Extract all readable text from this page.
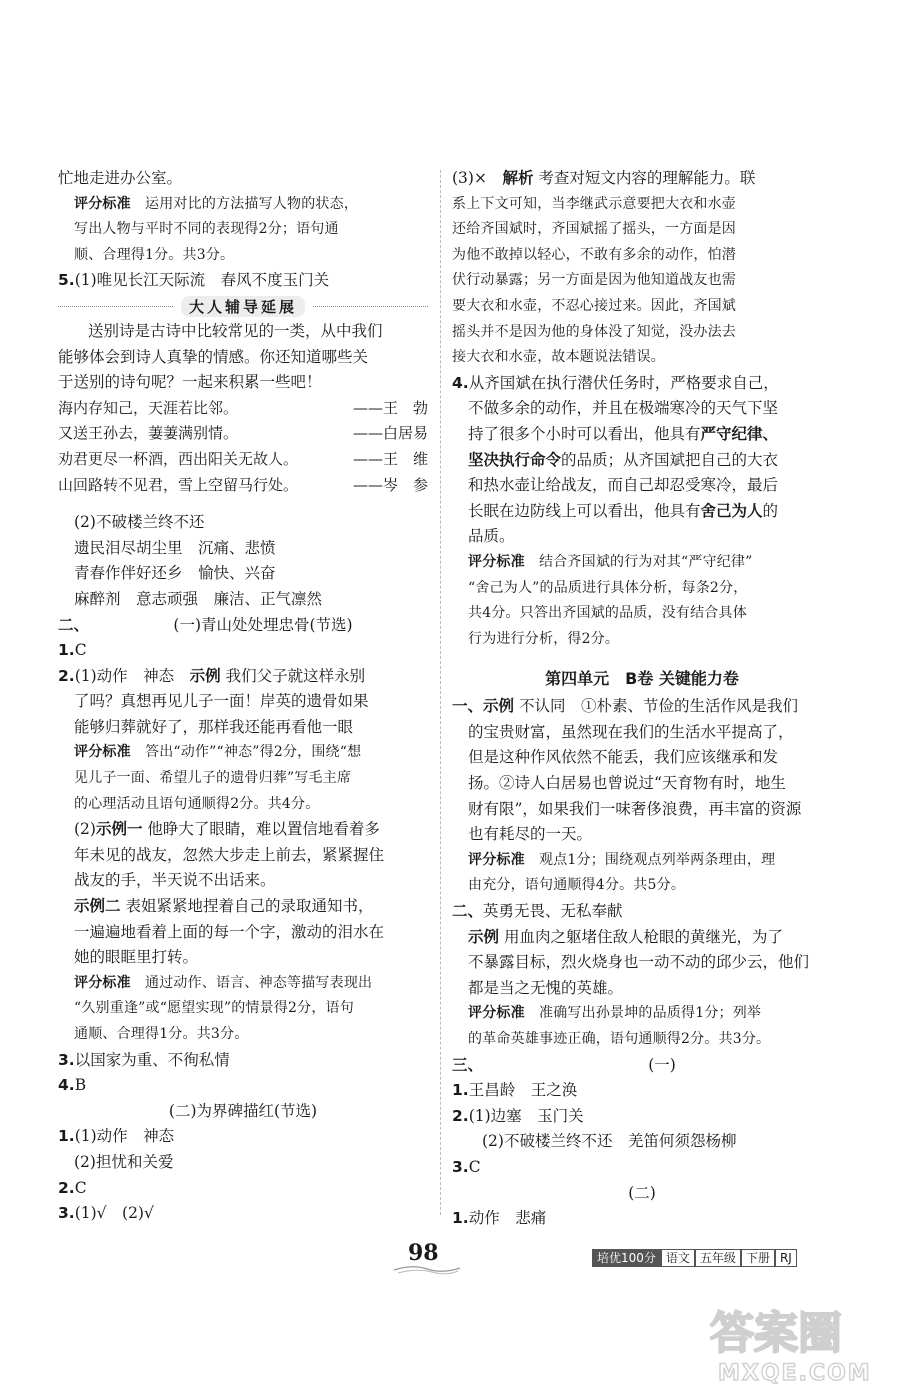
忙地走进办公室。
评分标准　 运用对比的方法描写人物的状态，
写出人物与平时不同的表现得2分；语句通
顺、合理得1分。共3分。
5.(1)唯见长江天际流　春风不度玉门关
大人辅导延展
送别诗是古诗中比较常见的一类，从中我们
能够体会到诗人真挚的情感。你还知道哪些关
于送别的诗句呢？一起来积累一些吧！
海内存知己，天涯若比邻。	——王　勃
又送王孙去，萋萋满别情。	——白居易
劝君更尽一杯酒，西出阳关无故人。	——王　维
山回路转不见君，雪上空留马行处。	——岑　参
(2)不破楼兰终不还
遗民泪尽胡尘里　沉痛、悲愤
青春作伴好还乡　愉快、兴奋
麻醉剂　意志顽强　廉洁、正气凛然
二、	(一)青山处处埋忠骨(节选)
1.C
2.(1)动作　神态　示例 我们父子就这样永别
了吗？真想再见儿子一面！岸英的遗骨如果
能够归葬就好了，那样我还能再看他一眼
评分标准　 答出“动作”“神态”得2分，围绕“想
见儿子一面、希望儿子的遗骨归葬”写毛主席
的心理活动且语句通顺得2分。共4分。
(2)示例一 他睁大了眼睛，难以置信地看着多
年未见的战友，忽然大步走上前去，紧紧握住
战友的手，半天说不出话来。
示例二 表姐紧紧地捏着自己的录取通知书，
一遍遍地看着上面的每一个字，激动的泪水在
她的眼眶里打转。
评分标准　 通过动作、语言、神态等描写表现出
“久别重逢”或“愿望实现”的情景得2分，语句
通顺、合理得1分。共3分。
3.以国家为重、不徇私情
4.B
(二)为界碑描红(节选)
1.(1)动作　神态
(2)担忧和关爱
2.C
3.(1)√　(2)√
(3)×　解析 考查对短文内容的理解能力。联
系上下文可知，当李继武示意要把大衣和水壶
还给齐国斌时，齐国斌摇了摇头，一方面是因
为他不敢掉以轻心，不敢有多余的动作，怕潜
伏行动暴露；另一方面是因为他知道战友也需
要大衣和水壶，不忍心接过来。因此，齐国斌
摇头并不是因为他的身体没了知觉，没办法去
接大衣和水壶，故本题说法错误。
4.从齐国斌在执行潜伏任务时，严格要求自己，
不做多余的动作，并且在极端寒冷的天气下坚
持了很多个小时可以看出，他具有严守纪律、
坚决执行命令的品质；从齐国斌把自己的大衣
和热水壶让给战友，而自己却忍受寒冷，最后
长眠在边防线上可以看出，他具有舍己为人的
品质。
评分标准　 结合齐国斌的行为对其“严守纪律”
“舍己为人”的品质进行具体分析，每条2分，
共4分。只答出齐国斌的品质，没有结合具体
行为进行分析，得2分。
第四单元　B卷 关键能力卷
一、示例 不认同　①朴素、节俭的生活作风是我们
的宝贵财富，虽然现在我们的生活水平提高了，
但是这种作风依然不能丢，我们应该继承和发
扬。②诗人白居易也曾说过“天育物有时，地生
财有限”，如果我们一味奢侈浪费，再丰富的资源
也有耗尽的一天。
评分标准　 观点1分；围绕观点列举两条理由，理
由充分，语句通顺得4分。共5分。
二、英勇无畏、无私奉献
示例 用血肉之躯堵住敌人枪眼的黄继光，为了
不暴露目标，烈火烧身也一动不动的邱少云，他们
都是当之无愧的英雄。
评分标准　 准确写出孙景坤的品质得1分；列举
的革命英雄事迹正确，语句通顺得2分。共3分。
三、	(一)
1.王昌龄　王之涣
2.(1)边塞　玉门关
(2)不破楼兰终不还　羌笛何须怨杨柳
3.C
(二)
1.动作　悲痛
98	培优100分 语文 五年级 下册 RJ
答案圈
MXQE.COM
